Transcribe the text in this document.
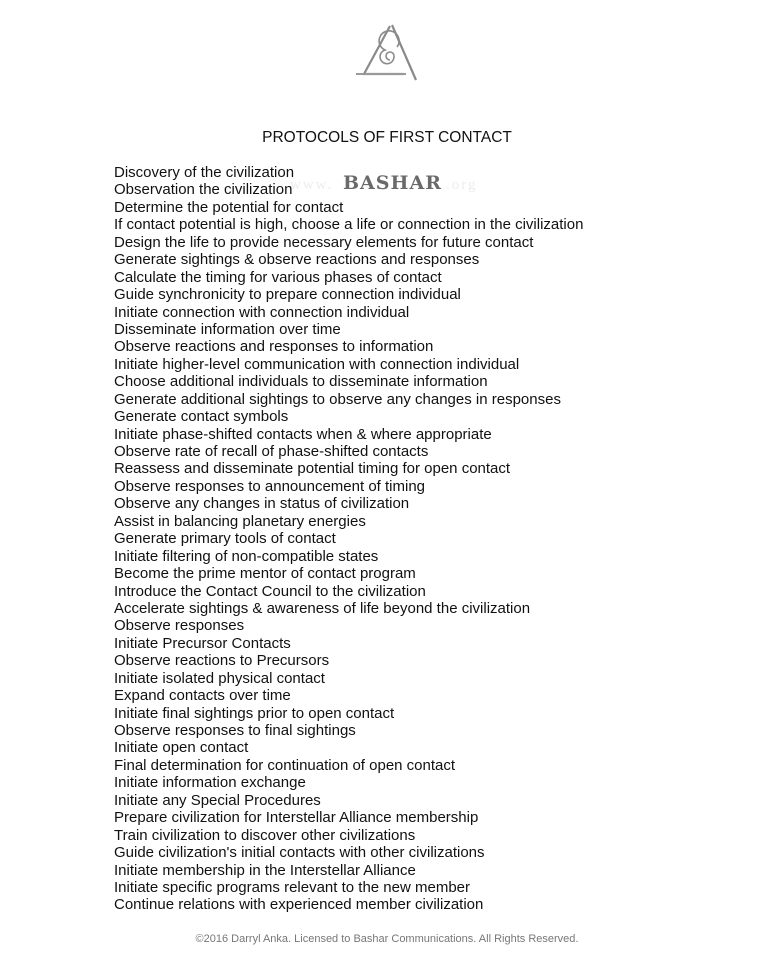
www. BASHAR .org
PROTOCOLS OF FIRST CONTACT
Discovery of the civilization
Observation the civilization
Determine the potential for contact
If contact potential is high, choose a life or connection in the civilization
Design the life to provide necessary elements for future contact
Generate sightings & observe reactions and responses
Calculate the timing for various phases of contact
Guide synchronicity to prepare connection individual
Initiate connection with connection individual
Disseminate information over time
Observe reactions and responses to information
Initiate higher-level communication with connection individual
Choose additional individuals to disseminate information
Generate additional sightings to observe any changes in responses
Generate contact symbols
Initiate phase-shifted contacts when & where appropriate
Observe rate of recall of phase-shifted contacts
Reassess and disseminate potential timing for open contact
Observe responses to announcement of timing
Observe any changes in status of civilization
Assist in balancing planetary energies
Generate primary tools of contact
Initiate filtering of non-compatible states
Become the prime mentor of contact program
Introduce the Contact Council to the civilization
Accelerate sightings & awareness of life beyond the civilization
Observe responses
Initiate Precursor Contacts
Observe reactions to Precursors
Initiate isolated physical contact
Expand contacts over time
Initiate final sightings prior to open contact
Observe responses to final sightings
Initiate open contact
Final determination for continuation of open contact
Initiate information exchange
Initiate any Special Procedures
Prepare civilization for Interstellar Alliance membership
Train civilization to discover other civilizations
Guide civilization's initial contacts with other civilizations
Initiate membership in the Interstellar Alliance
Initiate specific programs relevant to the new member
Continue relations with experienced member civilization
©2016 Darryl Anka. Licensed to Bashar Communications. All Rights Reserved.
